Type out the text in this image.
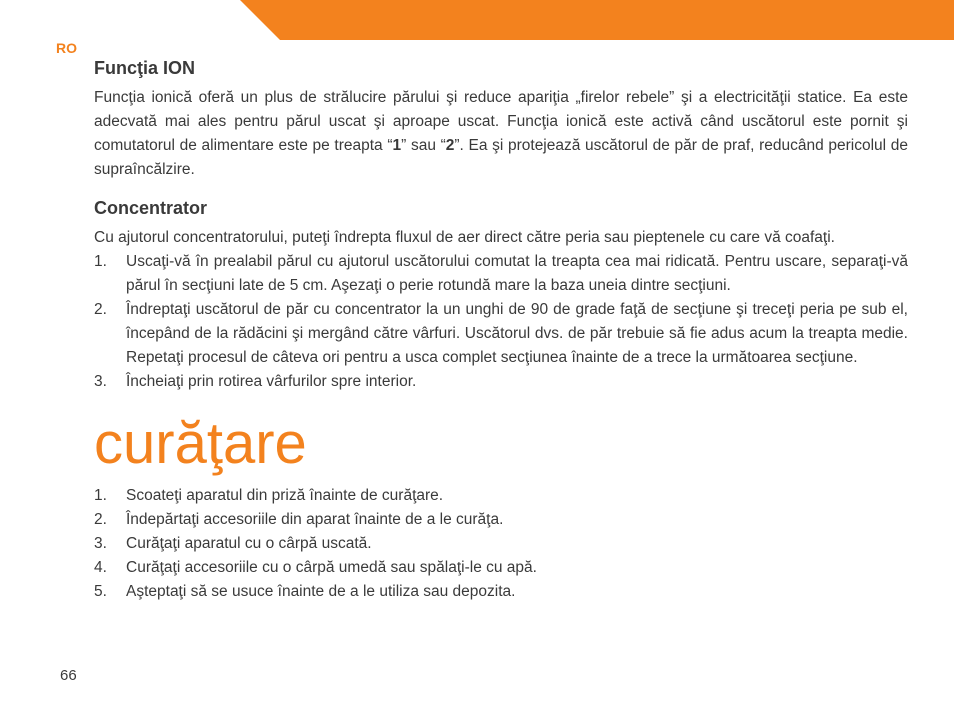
RO
Funcţia ION

Funcţia ionică oferă un plus de strălucire părului şi reduce apariţia „firelor rebele” şi a electricităţii statice. Ea este adecvată mai ales pentru părul uscat şi aproape uscat. Funcţia ionică este activă când uscătorul este pornit şi comutatorul de alimentare este pe treapta “1” sau “2”. Ea şi protejează uscătorul de păr de praf, reducând pericolul de supraîncălzire.

Concentrator

Cu ajutorul concentratorului, puteţi îndrepta fluxul de aer direct către peria sau pieptenele cu care vă coafaţi.

1. Uscaţi-vă în prealabil părul cu ajutorul uscătorului comutat la treapta cea mai ridicată. Pentru uscare, separaţi-vă părul în secţiuni late de 5 cm. Aşezaţi o perie rotundă mare la baza uneia dintre secţiuni.
2. Îndreptaţi uscătorul de păr cu concentrator la un unghi de 90 de grade faţă de secţiune şi treceţi peria pe sub el, începând de la rădăcini şi mergând către vârfuri. Uscătorul dvs. de păr trebuie să fie adus acum la treapta medie. Repetaţi procesul de câteva ori pentru a usca complet secţiunea înainte de a trece la următoarea secţiune.
3. Încheiaţi prin rotirea vârfurilor spre interior.
curăţare
1. Scoateţi aparatul din priză înainte de curăţare.
2. Îndepărtaţi accesoriile din aparat înainte de a le curăţa.
3. Curăţaţi aparatul cu o cârpă uscată.
4. Curăţaţi accesoriile cu o cârpă umedă sau spălaţi-le cu apă.
5. Aşteptaţi să se usuce înainte de a le utiliza sau depozita.
66
